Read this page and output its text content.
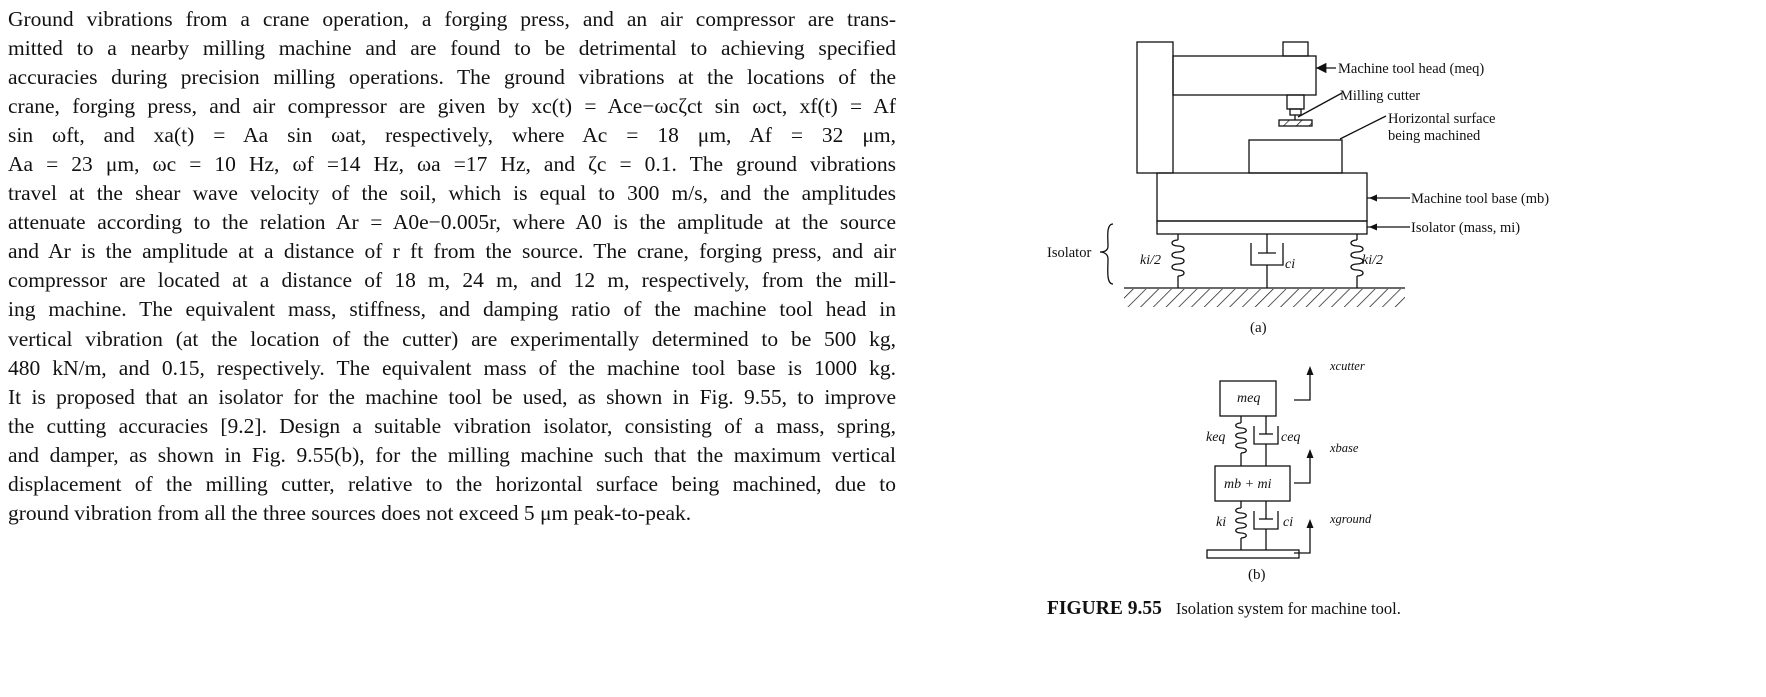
Ground vibrations from a crane operation, a forging press, and an air compressor are trans-
mitted to a nearby milling machine and are found to be detrimental to achieving specified
accuracies during precision milling operations. The ground vibrations at the locations of the
crane, forging press, and air compressor are given by xc(t) = Ace−ωcζct sin ωct, xf(t) = Af
sin ωft, and xa(t) = Aa sin ωat, respectively, where Ac = 18 μm, Af = 32 μm,
Aa = 23 μm, ωc = 10 Hz, ωf =14 Hz, ωa =17 Hz, and ζc = 0.1. The ground vibrations
travel at the shear wave velocity of the soil, which is equal to 300 m/s, and the amplitudes
attenuate according to the relation Ar = A0e−0.005r, where A0 is the amplitude at the source
and Ar is the amplitude at a distance of r ft from the source. The crane, forging press, and air
compressor are located at a distance of 18 m, 24 m, and 12 m, respectively, from the mill-
ing machine. The equivalent mass, stiffness, and damping ratio of the machine tool head in
vertical vibration (at the location of the cutter) are experimentally determined to be 500 kg,
480 kN/m, and 0.15, respectively. The equivalent mass of the machine tool base is 1000 kg.
It is proposed that an isolator for the machine tool be used, as shown in Fig. 9.55, to improve
the cutting accuracies [9.2]. Design a suitable vibration isolator, consisting of a mass, spring,
and damper, as shown in Fig. 9.55(b), for the milling machine such that the maximum vertical
displacement of the milling cutter, relative to the horizontal surface being machined, due to
ground vibration from all the three sources does not exceed 5 μm peak-to-peak.
Machine tool head (meq)
Milling cutter
Horizontal surface
being machined
Machine tool base (mb)
Isolator (mass, mi)
Isolator	ki/2	ci	ki/2
(a)
meq
mb + mi
keq	ceq
ki	ci
xcutter
xbase
xground
(b)
FIGURE 9.55 Isolation system for machine tool.
